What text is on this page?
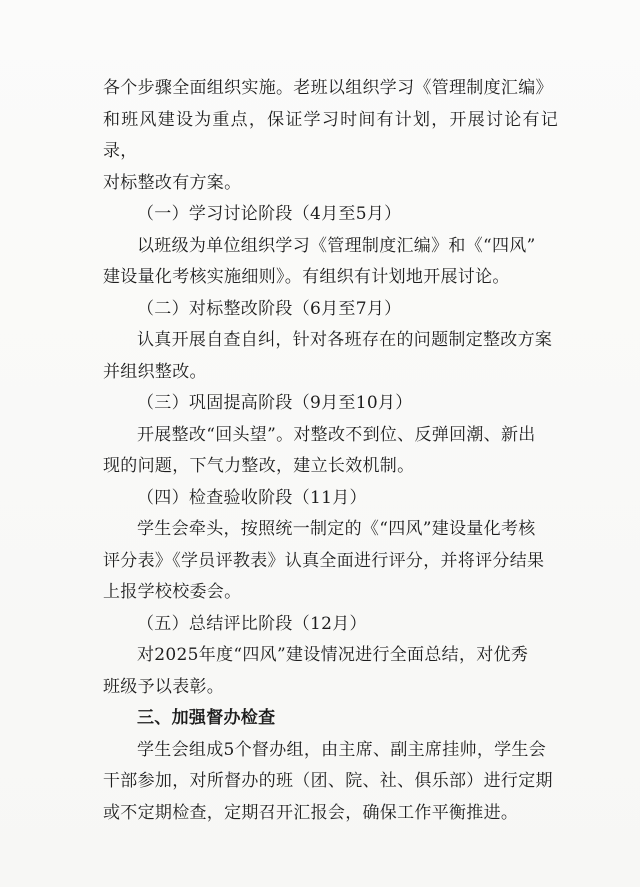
各个步骤全面组织实施。老班以组织学习《管理制度汇编》
和班风建设为重点，保证学习时间有计划，开展讨论有记录，
对标整改有方案。

（一）学习讨论阶段（4月至5月）

以班级为单位组织学习《管理制度汇编》和《“四风”
建设量化考核实施细则》。有组织有计划地开展讨论。

（二）对标整改阶段（6月至7月）

认真开展自查自纠，针对各班存在的问题制定整改方案
并组织整改。

（三）巩固提高阶段（9月至10月）

开展整改“回头望”。对整改不到位、反弹回潮、新出
现的问题，下气力整改，建立长效机制。

（四）检查验收阶段（11月）

学生会牵头，按照统一制定的《“四风”建设量化考核
评分表》《学员评教表》认真全面进行评分，并将评分结果
上报学校校委会。

（五）总结评比阶段（12月）

对2025年度“四风”建设情况进行全面总结，对优秀
班级予以表彰。

三、加强督办检查

学生会组成5个督办组，由主席、副主席挂帅，学生会
干部参加，对所督办的班（团、院、社、俱乐部）进行定期
或不定期检查，定期召开汇报会，确保工作平衡推进。
